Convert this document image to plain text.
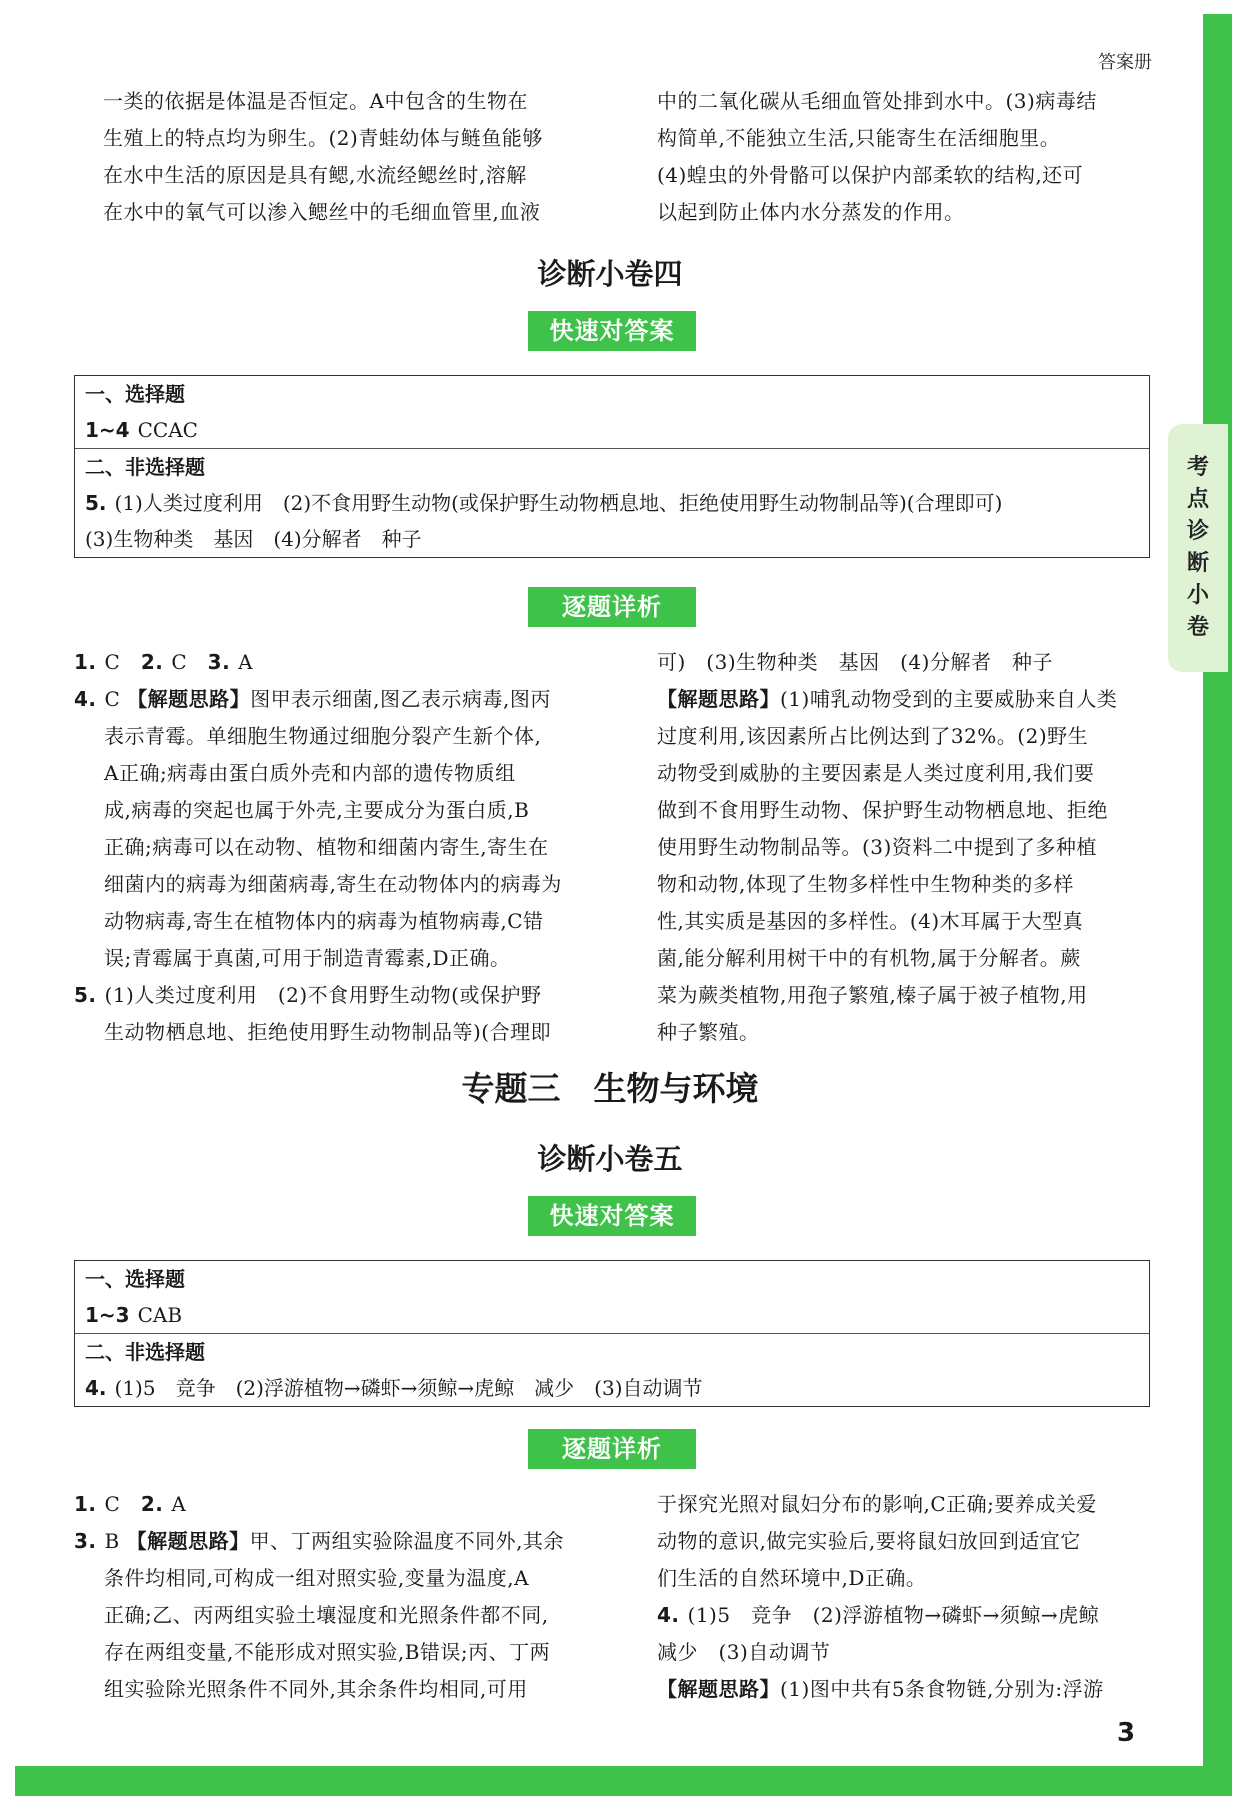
考
点
诊
断
小
卷
答案册

一类的依据是体温是否恒定。A中包含的生物在

生殖上的特点均为卵生。(2)青蛙幼体与鲢鱼能够

在水中生活的原因是具有鳃,水流经鳃丝时,溶解

在水中的氧气可以渗入鳃丝中的毛细血管里,血液

中的二氧化碳从毛细血管处排到水中。(3)病毒结

构简单,不能独立生活,只能寄生在活细胞里。

(4)蝗虫的外骨骼可以保护内部柔软的结构,还可

以起到防止体内水分蒸发的作用。

诊断小卷四
快速对答案
一、选择题
1~4 CCAC
二、非选择题
5. (1)人类过度利用　(2)不食用野生动物(或保护野生动物栖息地、拒绝使用野生动物制品等)(合理即可)
(3)生物种类　基因　(4)分解者　种子
逐题详析

1. C　 2. C　 3. A

4. C 【解题思路】图甲表示细菌,图乙表示病毒,图丙

表示青霉。单细胞生物通过细胞分裂产生新个体,

A正确;病毒由蛋白质外壳和内部的遗传物质组

成,病毒的突起也属于外壳,主要成分为蛋白质,B

正确;病毒可以在动物、植物和细菌内寄生,寄生在

细菌内的病毒为细菌病毒,寄生在动物体内的病毒为

动物病毒,寄生在植物体内的病毒为植物病毒,C错

误;青霉属于真菌,可用于制造青霉素,D正确。

5. (1)人类过度利用　(2)不食用野生动物(或保护野

生动物栖息地、拒绝使用野生动物制品等)(合理即

可)　(3)生物种类　基因　(4)分解者　种子

【解题思路】(1)哺乳动物受到的主要威胁来自人类

过度利用,该因素所占比例达到了32%。(2)野生

动物受到威胁的主要因素是人类过度利用,我们要

做到不食用野生动物、保护野生动物栖息地、拒绝

使用野生动物制品等。(3)资料二中提到了多种植

物和动物,体现了生物多样性中生物种类的多样

性,其实质是基因的多样性。(4)木耳属于大型真

菌,能分解利用树干中的有机物,属于分解者。蕨

菜为蕨类植物,用孢子繁殖,榛子属于被子植物,用

种子繁殖。

专题三　生物与环境
诊断小卷五
快速对答案
一、选择题
1~3 CAB
二、非选择题
4. (1)5　竞争　(2)浮游植物→磷虾→须鲸→虎鲸　减少　(3)自动调节
逐题详析

1. C　 2. A

3. B 【解题思路】甲、丁两组实验除温度不同外,其余

条件均相同,可构成一组对照实验,变量为温度,A

正确;乙、丙两组实验土壤湿度和光照条件都不同,

存在两组变量,不能形成对照实验,B错误;丙、丁两

组实验除光照条件不同外,其余条件均相同,可用

于探究光照对鼠妇分布的影响,C正确;要养成关爱

动物的意识,做完实验后,要将鼠妇放回到适宜它

们生活的自然环境中,D正确。

4. (1)5　竞争　(2)浮游植物→磷虾→须鲸→虎鲸

减少　(3)自动调节

【解题思路】(1)图中共有5条食物链,分别为:浮游

3
